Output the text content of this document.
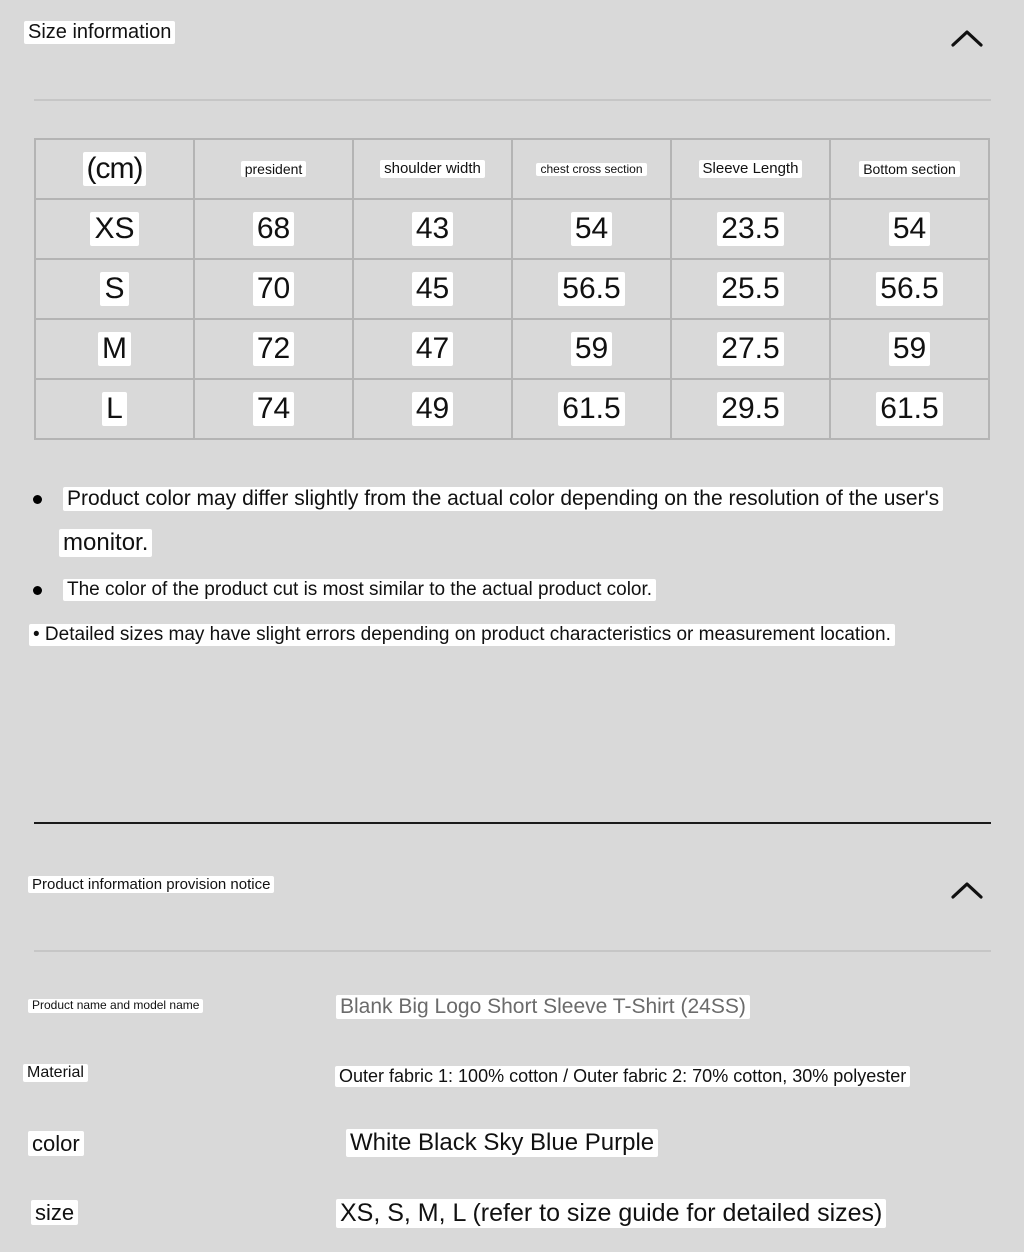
Size information
(cm)	president	shoulder width	chest cross section	Sleeve Length	Bottom section
XS	68	43	54	23.5	54
S	70	45	56.5	25.5	56.5
M	72	47	59	27.5	59
L	74	49	61.5	29.5	61.5
Product color may differ slightly from the actual color depending on the resolution of the user's
monitor.
The color of the product cut is most similar to the actual product color.
• Detailed sizes may have slight errors depending on product characteristics or measurement location.
Product information provision notice
Product name and model name	Blank Big Logo Short Sleeve T-Shirt (24SS)
Material	Outer fabric 1: 100% cotton / Outer fabric 2: 70% cotton, 30% polyester
color	White Black Sky Blue Purple
size	XS, S, M, L (refer to size guide for detailed sizes)
